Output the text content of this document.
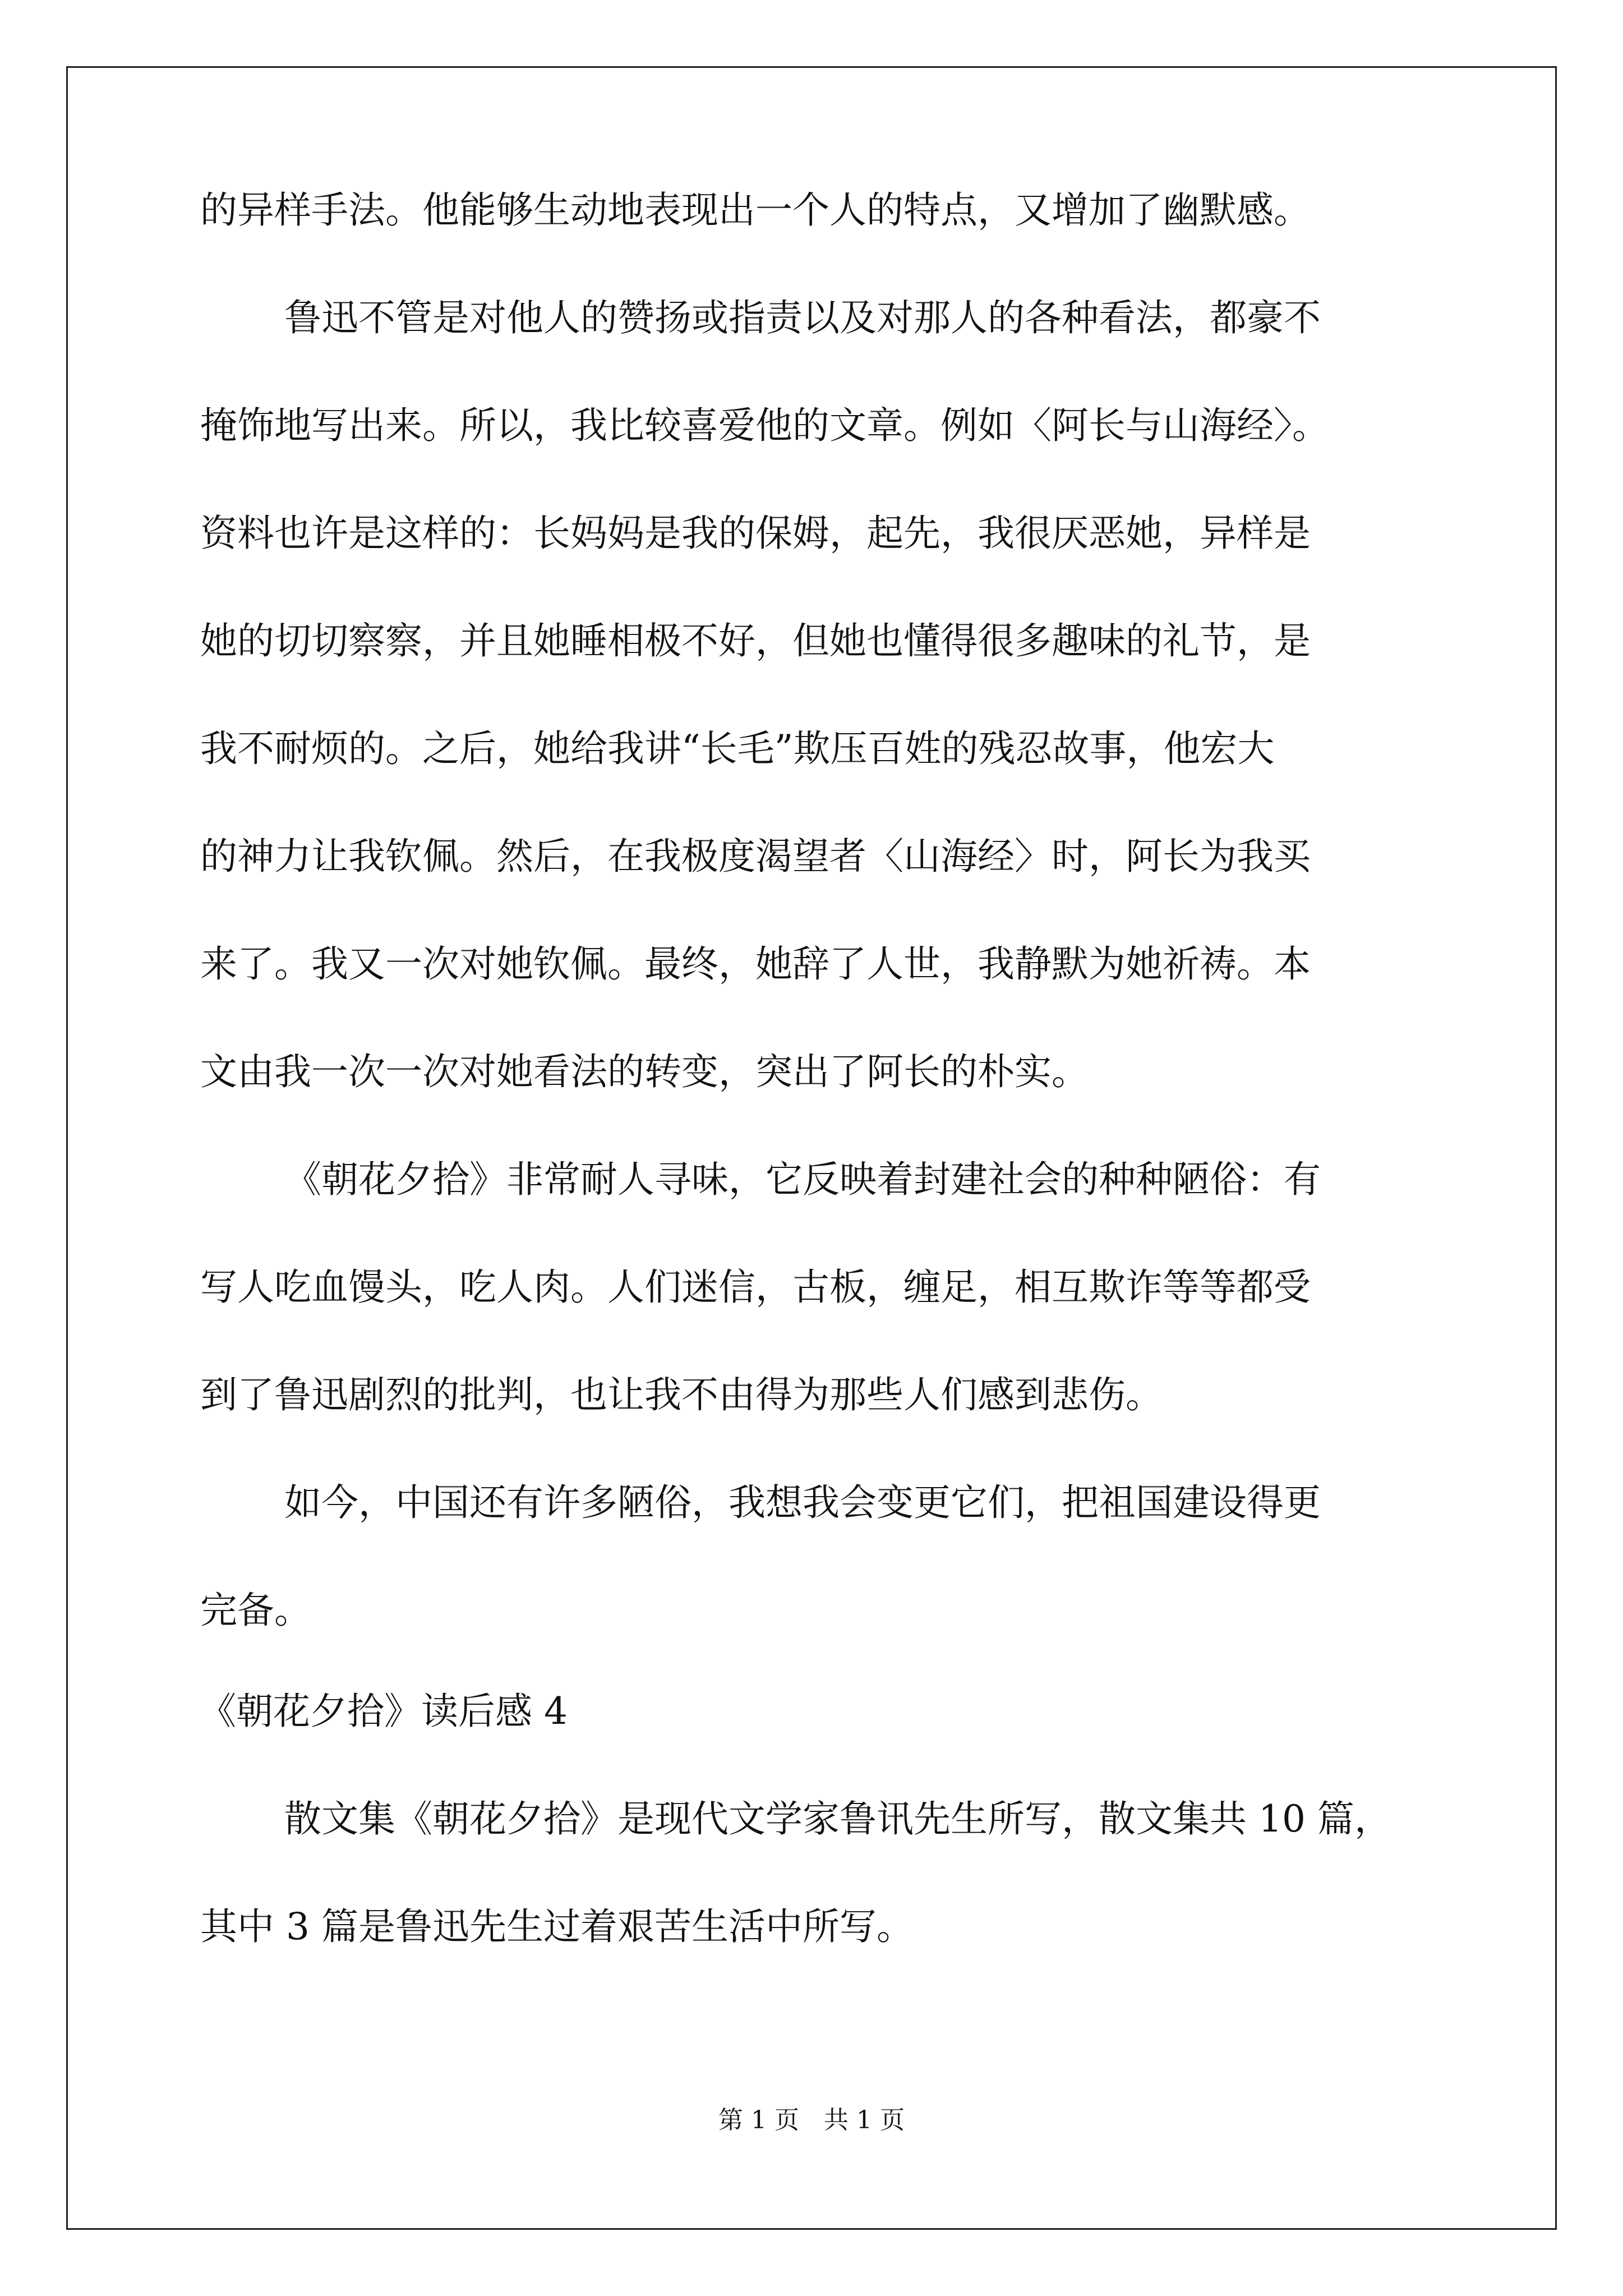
的异样手法。他能够生动地表现出一个人的特点，又增加了幽默感。
鲁迅不管是对他人的赞扬或指责以及对那人的各种看法，都豪不
掩饰地写出来。所以，我比较喜爱他的文章。例如〈阿长与山海经〉。
资料也许是这样的：长妈妈是我的保姆，起先，我很厌恶她，异样是
她的切切察察，并且她睡相极不好，但她也懂得很多趣味的礼节，是
我不耐烦的。之后，她给我讲“长毛”欺压百姓的残忍故事，他宏大
的神力让我钦佩。然后，在我极度渴望者〈山海经〉时，阿长为我买
来了。我又一次对她钦佩。最终，她辞了人世，我静默为她祈祷。本
文由我一次一次对她看法的转变，突出了阿长的朴实。
《朝花夕拾》非常耐人寻味，它反映着封建社会的种种陋俗：有
写人吃血馒头，吃人肉。人们迷信，古板，缠足，相互欺诈等等都受
到了鲁迅剧烈的批判，也让我不由得为那些人们感到悲伤。
如今，中国还有许多陋俗，我想我会变更它们，把祖国建设得更
完备。
《朝花夕拾》读后感 4
散文集《朝花夕拾》是现代文学家鲁讯先生所写，散文集共 10 篇，
其中 3 篇是鲁迅先生过着艰苦生活中所写。
第 1 页　共 1 页
